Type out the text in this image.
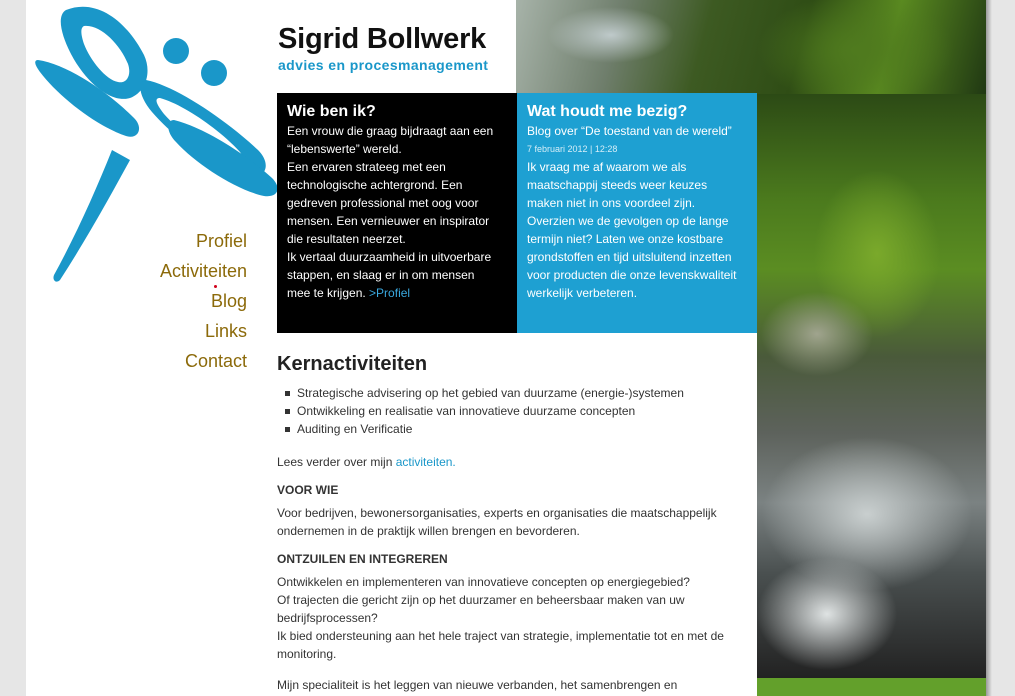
Profiel
Activiteiten
Blog
Links
Contact
Sigrid Bollwerk
advies en procesmanagement
Wie ben ik?

Een vrouw die graag bijdraagt aan een
“lebenswerte” wereld.
Een ervaren strateeg met een
technologische achtergrond. Een
gedreven professional met oog voor
mensen. Een vernieuwer en inspirator
die resultaten neerzet.
Ik vertaal duurzaamheid in uitvoerbare
stappen, en slaag er in om mensen
mee te krijgen. >Profiel

Wat houdt me bezig?

Blog over “De toestand van de wereld”

7 februari 2012 | 12:28

Ik vraag me af waarom we als
maatschappij steeds weer keuzes
maken niet in ons voordeel zijn.
Overzien we de gevolgen op de lange
termijn niet? Laten we onze kostbare
grondstoffen en tijd uitsluitend inzetten
voor producten die onze levenskwaliteit
werkelijk verbeteren.

Kernactiviteiten
Strategische advisering op het gebied van duurzame (energie-)systemen
Ontwikkeling en realisatie van innovatieve duurzame concepten
Auditing en Verificatie

Lees verder over mijn activiteiten.

VOOR WIE

Voor bedrijven, bewonersorganisaties, experts en organisaties die maatschappelijk
ondernemen in de praktijk willen brengen en bevorderen.

ONTZUILEN EN INTEGREREN

Ontwikkelen en implementeren van innovatieve concepten op energiegebied?
Of trajecten die gericht zijn op het duurzamer en beheersbaar maken van uw
bedrijfsprocessen?
Ik bied ondersteuning aan het hele traject van strategie, implementatie tot en met de
monitoring.

Mijn specialiteit is het leggen van nieuwe verbanden, het samenbrengen en
